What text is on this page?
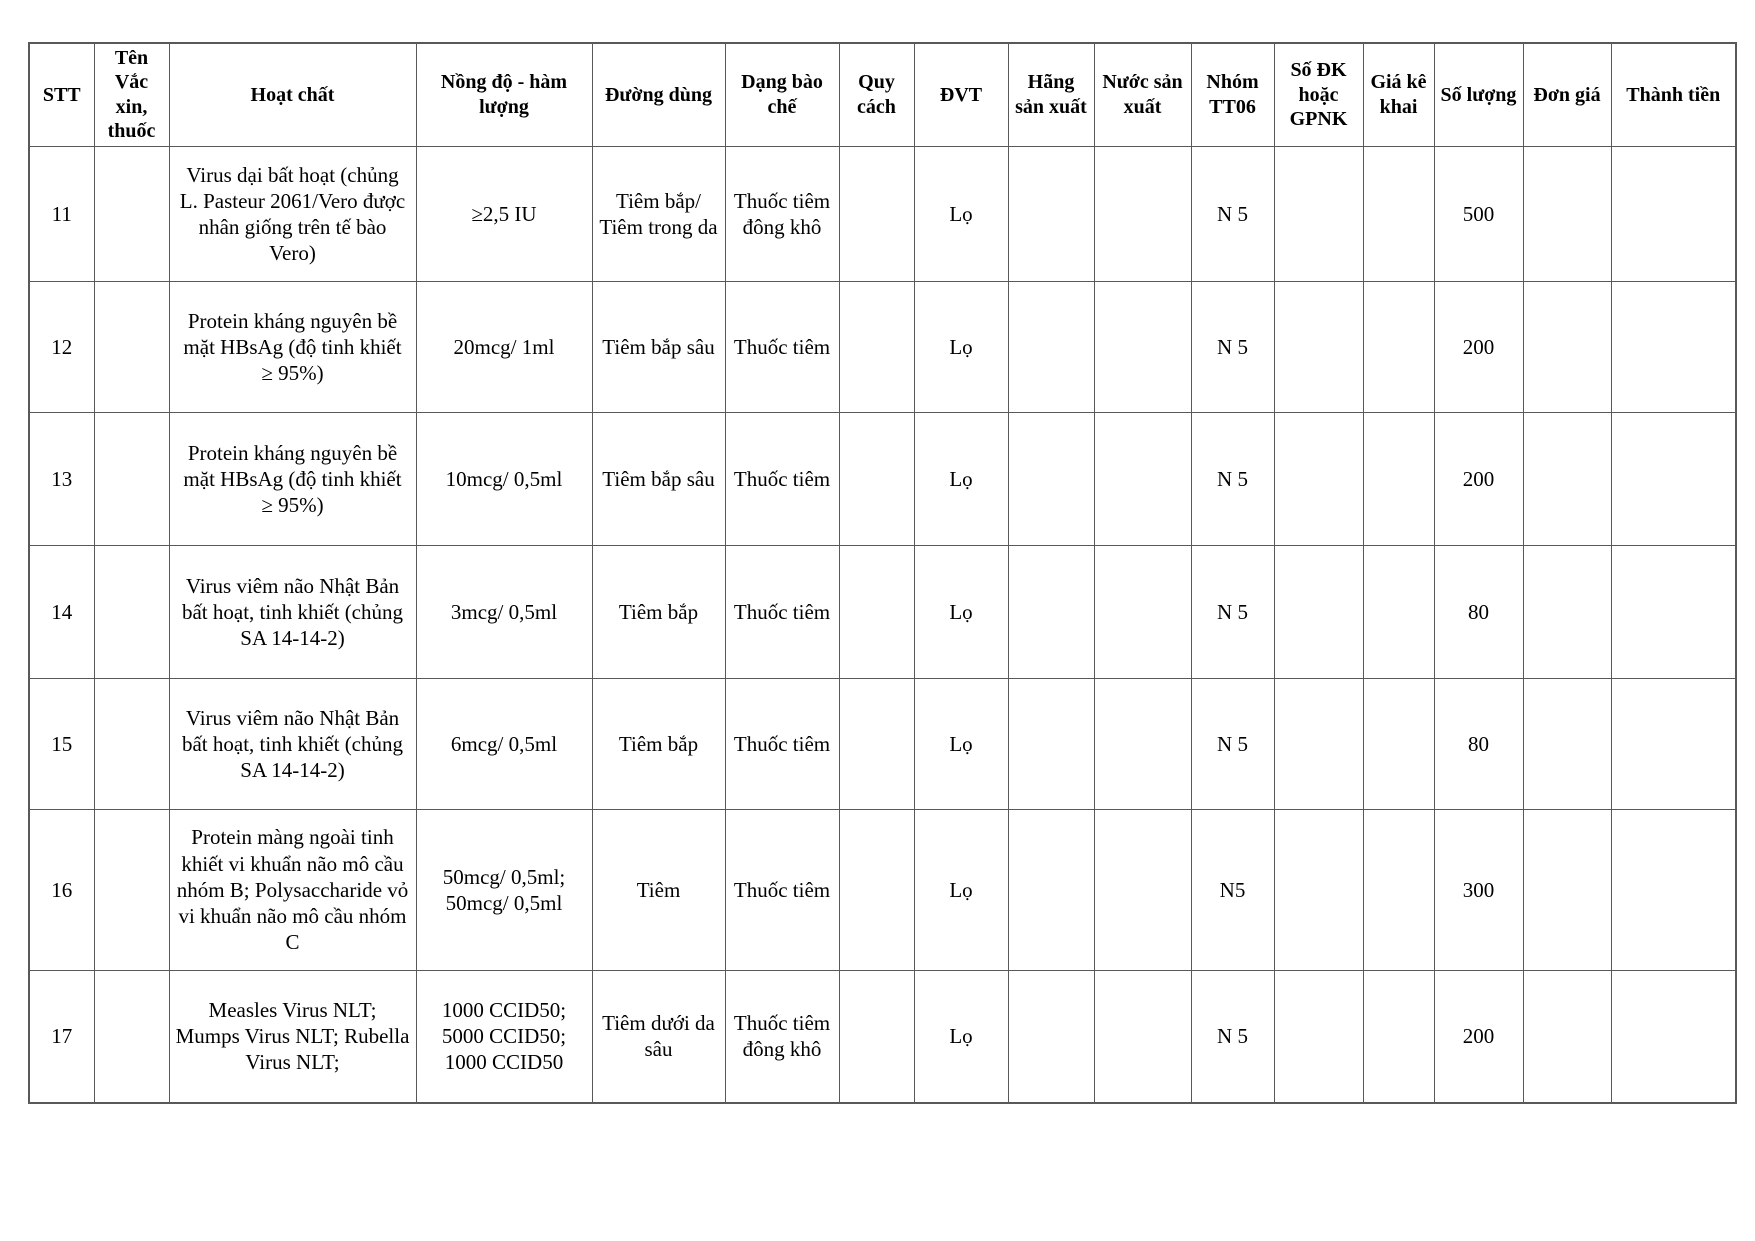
STT	Tên Vắc xin, thuốc	Hoạt chất	Nồng độ - hàm lượng	Đường dùng	Dạng bào chế	Quy cách	ĐVT	Hãng sản xuất	Nước sản xuất	Nhóm TT06	Số ĐK hoặc GPNK	Giá kê khai	Số lượng	Đơn giá	Thành tiền
11		Virus dại bất hoạt (chủng L. Pasteur 2061/Vero được nhân giống trên tế bào Vero)	≥2,5 IU	Tiêm bắp/ Tiêm trong da	Thuốc tiêm đông khô		Lọ			N 5			500		
12		Protein kháng nguyên bề mặt HBsAg (độ tinh khiết ≥ 95%)	20mcg/ 1ml	Tiêm bắp sâu	Thuốc tiêm		Lọ			N 5			200		
13		Protein kháng nguyên bề mặt HBsAg (độ tinh khiết ≥ 95%)	10mcg/ 0,5ml	Tiêm bắp sâu	Thuốc tiêm		Lọ			N 5			200		
14		Virus viêm não Nhật Bản bất hoạt, tinh khiết (chủng SA 14-14-2)	3mcg/ 0,5ml	Tiêm bắp	Thuốc tiêm		Lọ			N 5			80		
15		Virus viêm não Nhật Bản bất hoạt, tinh khiết (chủng SA 14-14-2)	6mcg/ 0,5ml	Tiêm bắp	Thuốc tiêm		Lọ			N 5			80		
16		Protein màng ngoài tinh khiết vi khuẩn não mô cầu nhóm B; Polysaccharide vỏ vi khuẩn não mô cầu nhóm C	50mcg/ 0,5ml; 50mcg/ 0,5ml	Tiêm	Thuốc tiêm		Lọ			N5			300		
17		Measles Virus NLT; Mumps Virus NLT; Rubella Virus NLT;	1000 CCID50; 5000 CCID50; 1000 CCID50	Tiêm dưới da sâu	Thuốc tiêm đông khô		Lọ			N 5			200		
